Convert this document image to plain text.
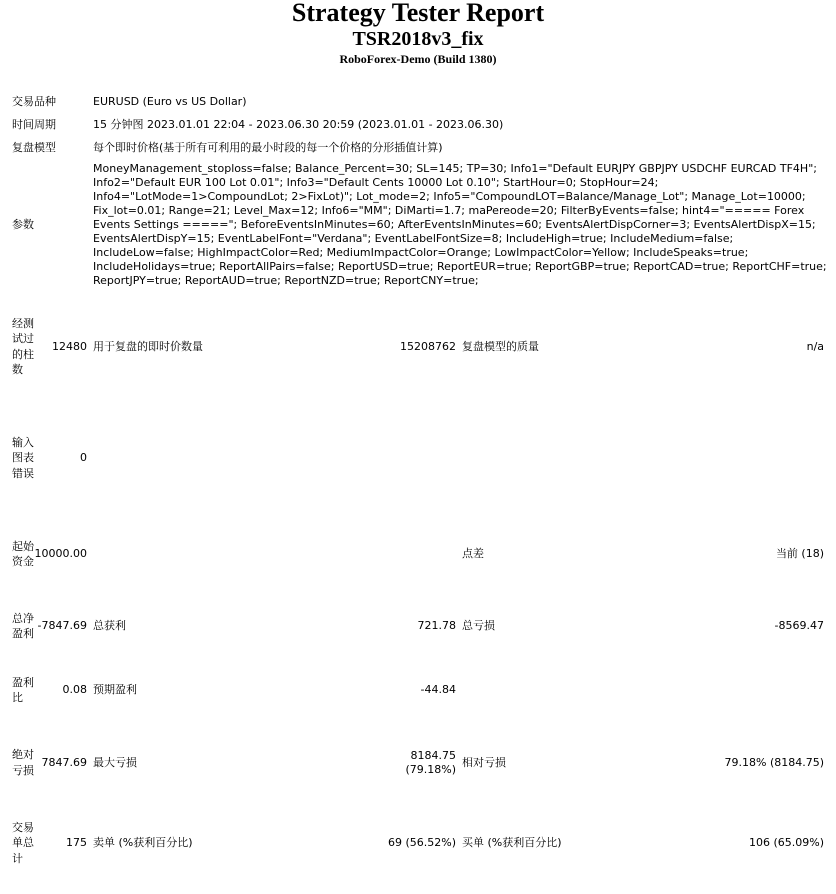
Strategy Tester Report
TSR2018v3_fix
RoboForex-Demo (Build 1380)
交易品种		EURUSD (Euro vs US Dollar)			
时间周期		15 分钟图 2023.01.01 22:04 - 2023.06.30 20:59 (2023.01.01 - 2023.06.30)			
复盘模型		每个即时价格(基于所有可利用的最小时段的每一个价格的分形插值计算)			
参数		MoneyManagement_stoploss=false; Balance_Percent=30; SL=145; TP=30; Info1="Default EURJPY GBPJPY USDCHF EURCAD TF4H"; Info2="Default EUR 100 Lot 0.01"; Info3="Default Cents 10000 Lot 0.10"; StartHour=0; StopHour=24; Info4="LotMode=1>CompoundLot; 2>FixLot)"; Lot_mode=2; Info5="CompoundLOT=Balance/Manage_Lot"; Manage_Lot=10000; Fix_lot=0.01; Range=21; Level_Max=12; Info6="MM"; DiMarti=1.7; maPereode=20; FilterByEvents=false; hint4="===== Forex Events Settings ====="; BeforeEventsInMinutes=60; AfterEventsInMinutes=60; EventsAlertDispCorner=3; EventsAlertDispX=15; EventsAlertDispY=15; EventLabelFont="Verdana"; EventLabelFontSize=8; IncludeHigh=true; IncludeMedium=false; IncludeLow=false; HighImpactColor=Red; MediumImpactColor=Orange; LowImpactColor=Yellow; IncludeSpeaks=true; IncludeHolidays=true; ReportAllPairs=false; ReportUSD=true; ReportEUR=true; ReportGBP=true; ReportCAD=true; ReportCHF=true; ReportJPY=true; ReportAUD=true; ReportNZD=true; ReportCNY=true;			
经测试过的柱数	12480	用于复盘的即时价数量	15208762	复盘模型的质量	n/a
输入图表错误	0				
起始资金	10000.00			点差	当前 (18)
总净盈利	-7847.69	总获利	721.78	总亏损	-8569.47
盈利比	0.08	预期盈利	-44.84		
绝对亏损	7847.69	最大亏损	8184.75 (79.18%)	相对亏损	79.18% (8184.75)
交易单总计	175	卖单 (%获利百分比)	69 (56.52%)	买单 (%获利百分比)	106 (65.09%)
